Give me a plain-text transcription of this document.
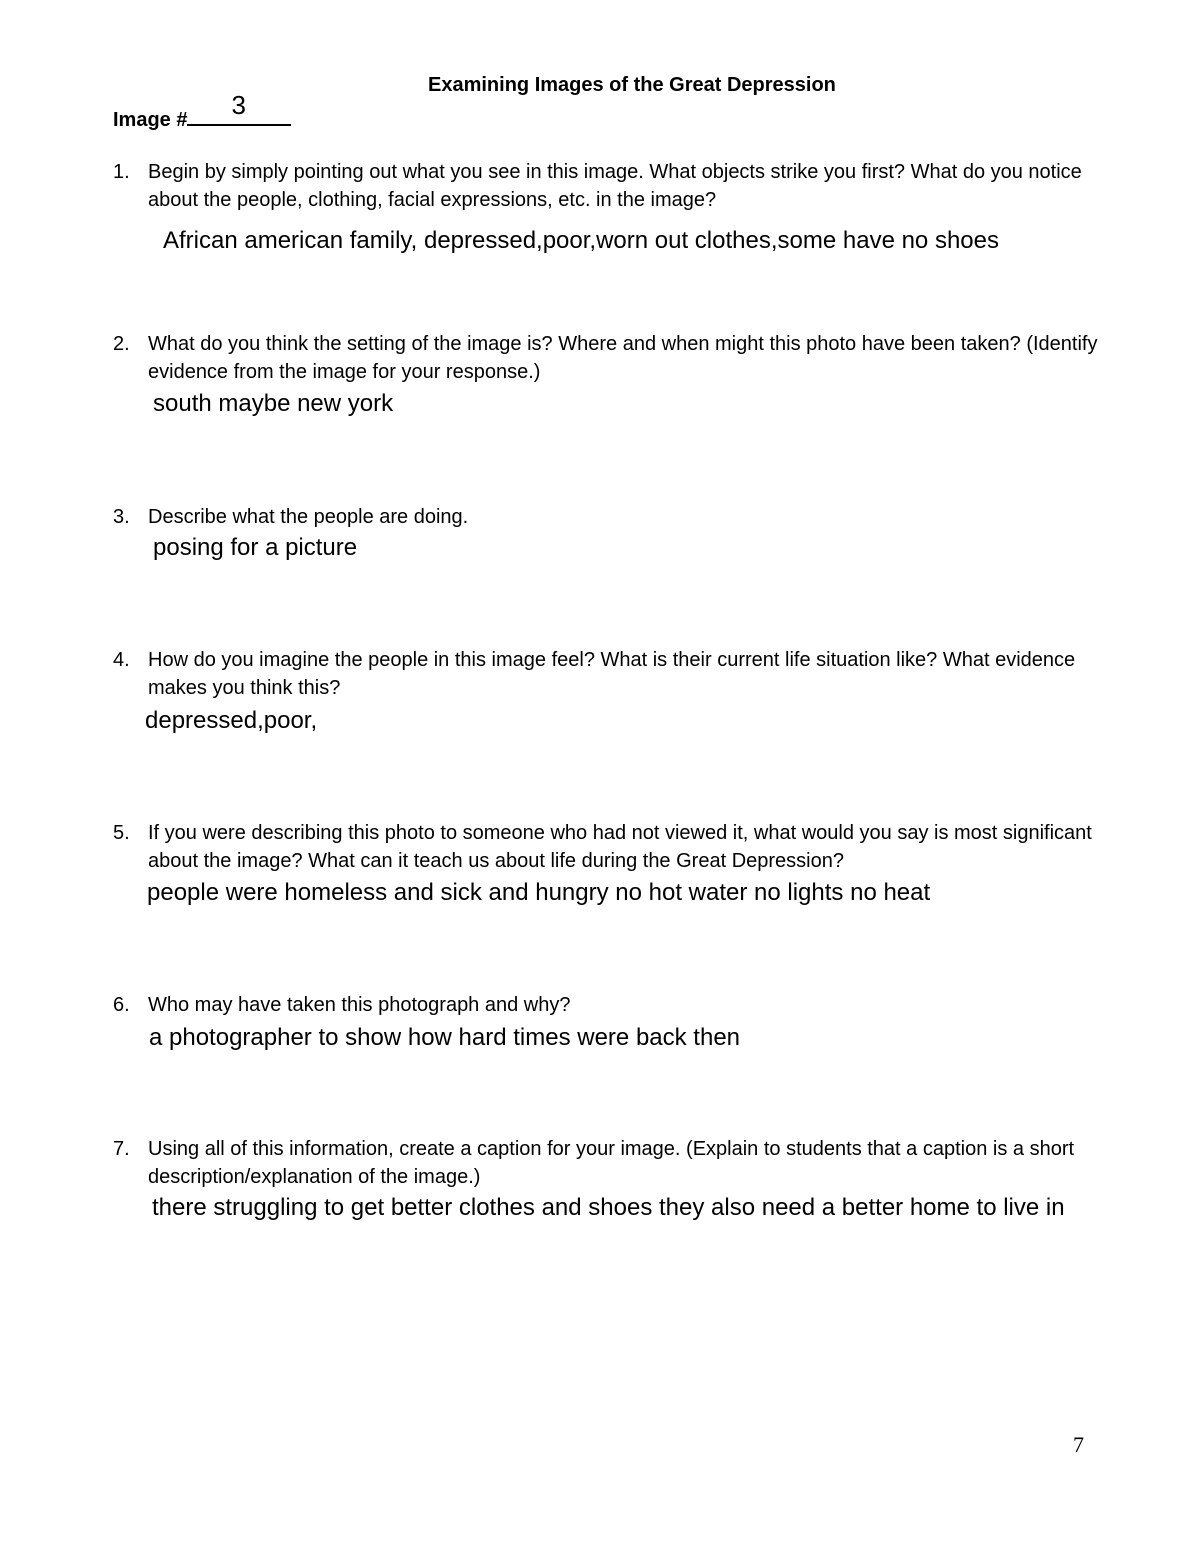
Examining Images of the Great Depression
Image # 3
1. Begin by simply pointing out what you see in this image. What objects strike you first? What do you notice about the people, clothing, facial expressions, etc. in the image?
African american family, depressed,poor,worn out clothes,some have no shoes
2. What do you think the setting of the image is? Where and when might this photo have been taken? (Identify evidence from the image for your response.)
south maybe new york
3. Describe what the people are doing.
posing for a picture
4. How do you imagine the people in this image feel? What is their current life situation like? What evidence makes you think this?
depressed,poor,
5. If you were describing this photo to someone who had not viewed it, what would you say is most significant about the image? What can it teach us about life during the Great Depression?
people were homeless and sick and hungry no hot water no lights no heat
6. Who may have taken this photograph and why?
a photographer to show how hard times were back then
7. Using all of this information, create a caption for your image. (Explain to students that a caption is a short description/explanation of the image.)
there struggling to get better clothes and shoes they also need a better home to live in
7
